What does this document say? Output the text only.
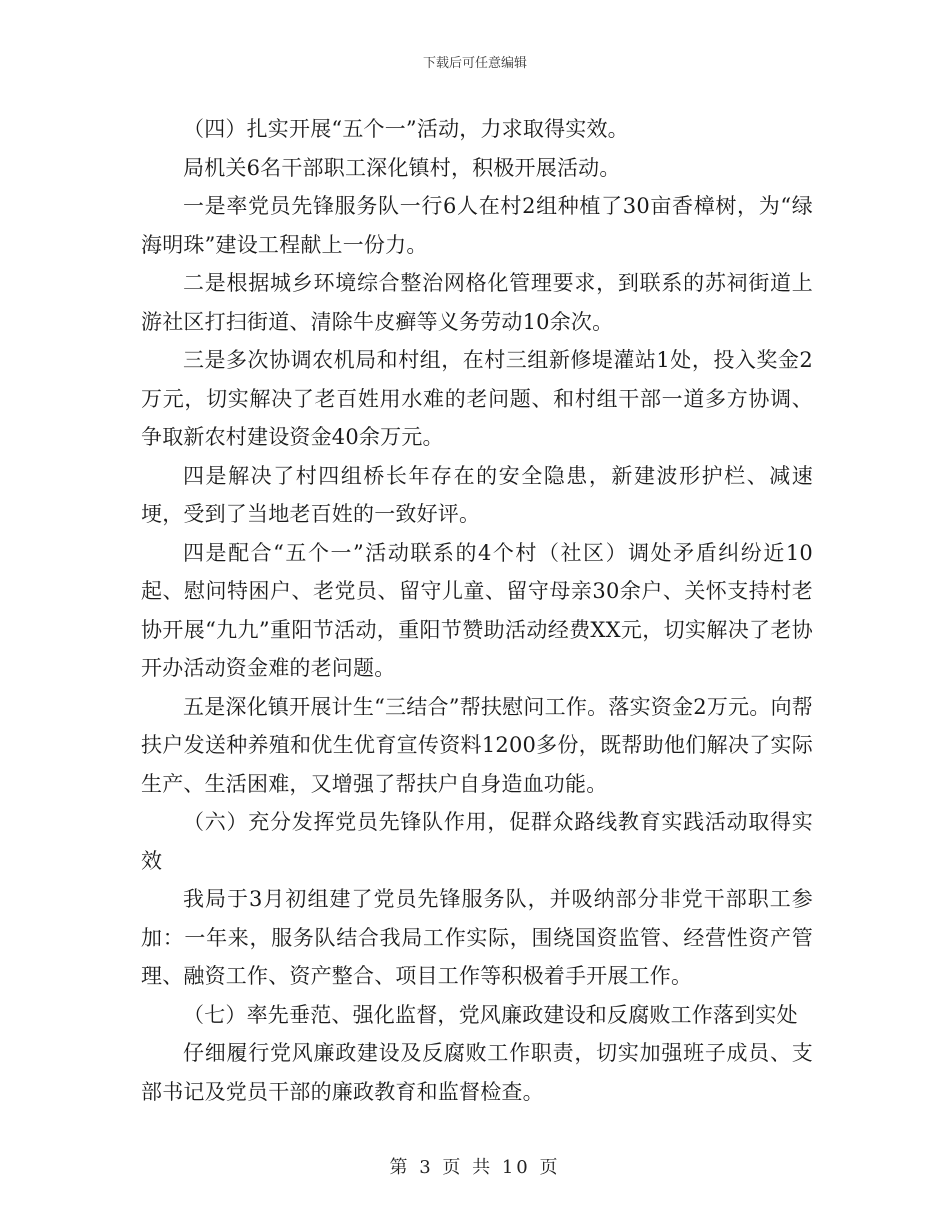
下载后可任意编辑

（四）扎实开展“五个一”活动，力求取得实效。

局机关6名干部职工深化镇村，积极开展活动。

一是率党员先锋服务队一行6人在村2组种植了30亩香樟树，为“绿海明珠”建设工程献上一份力。

二是根据城乡环境综合整治网格化管理要求，到联系的苏祠街道上游社区打扫街道、清除牛皮癣等义务劳动10余次。

三是多次协调农机局和村组，在村三组新修堤灌站1处，投入奖金2万元，切实解决了老百姓用水难的老问题、和村组干部一道多方协调、争取新农村建设资金40余万元。

四是解决了村四组桥长年存在的安全隐患，新建波形护栏、减速埂，受到了当地老百姓的一致好评。

四是配合“五个一”活动联系的4个村（社区）调处矛盾纠纷近10起、慰问特困户、老党员、留守儿童、留守母亲30余户、关怀支持村老协开展“九九”重阳节活动，重阳节赞助活动经费XX元，切实解决了老协开办活动资金难的老问题。

五是深化镇开展计生“三结合”帮扶慰问工作。落实资金2万元。向帮扶户发送种养殖和优生优育宣传资料1200多份，既帮助他们解决了实际生产、生活困难，又增强了帮扶户自身造血功能。

（六）充分发挥党员先锋队作用，促群众路线教育实践活动取得实效

我局于3月初组建了党员先锋服务队，并吸纳部分非党干部职工参加：一年来，服务队结合我局工作实际，围绕国资监管、经营性资产管理、融资工作、资产整合、项目工作等积极着手开展工作。

（七）率先垂范、强化监督，党风廉政建设和反腐败工作落到实处

仔细履行党风廉政建设及反腐败工作职责，切实加强班子成员、支部书记及党员干部的廉政教育和监督检查。

第 3 页 共 10 页
